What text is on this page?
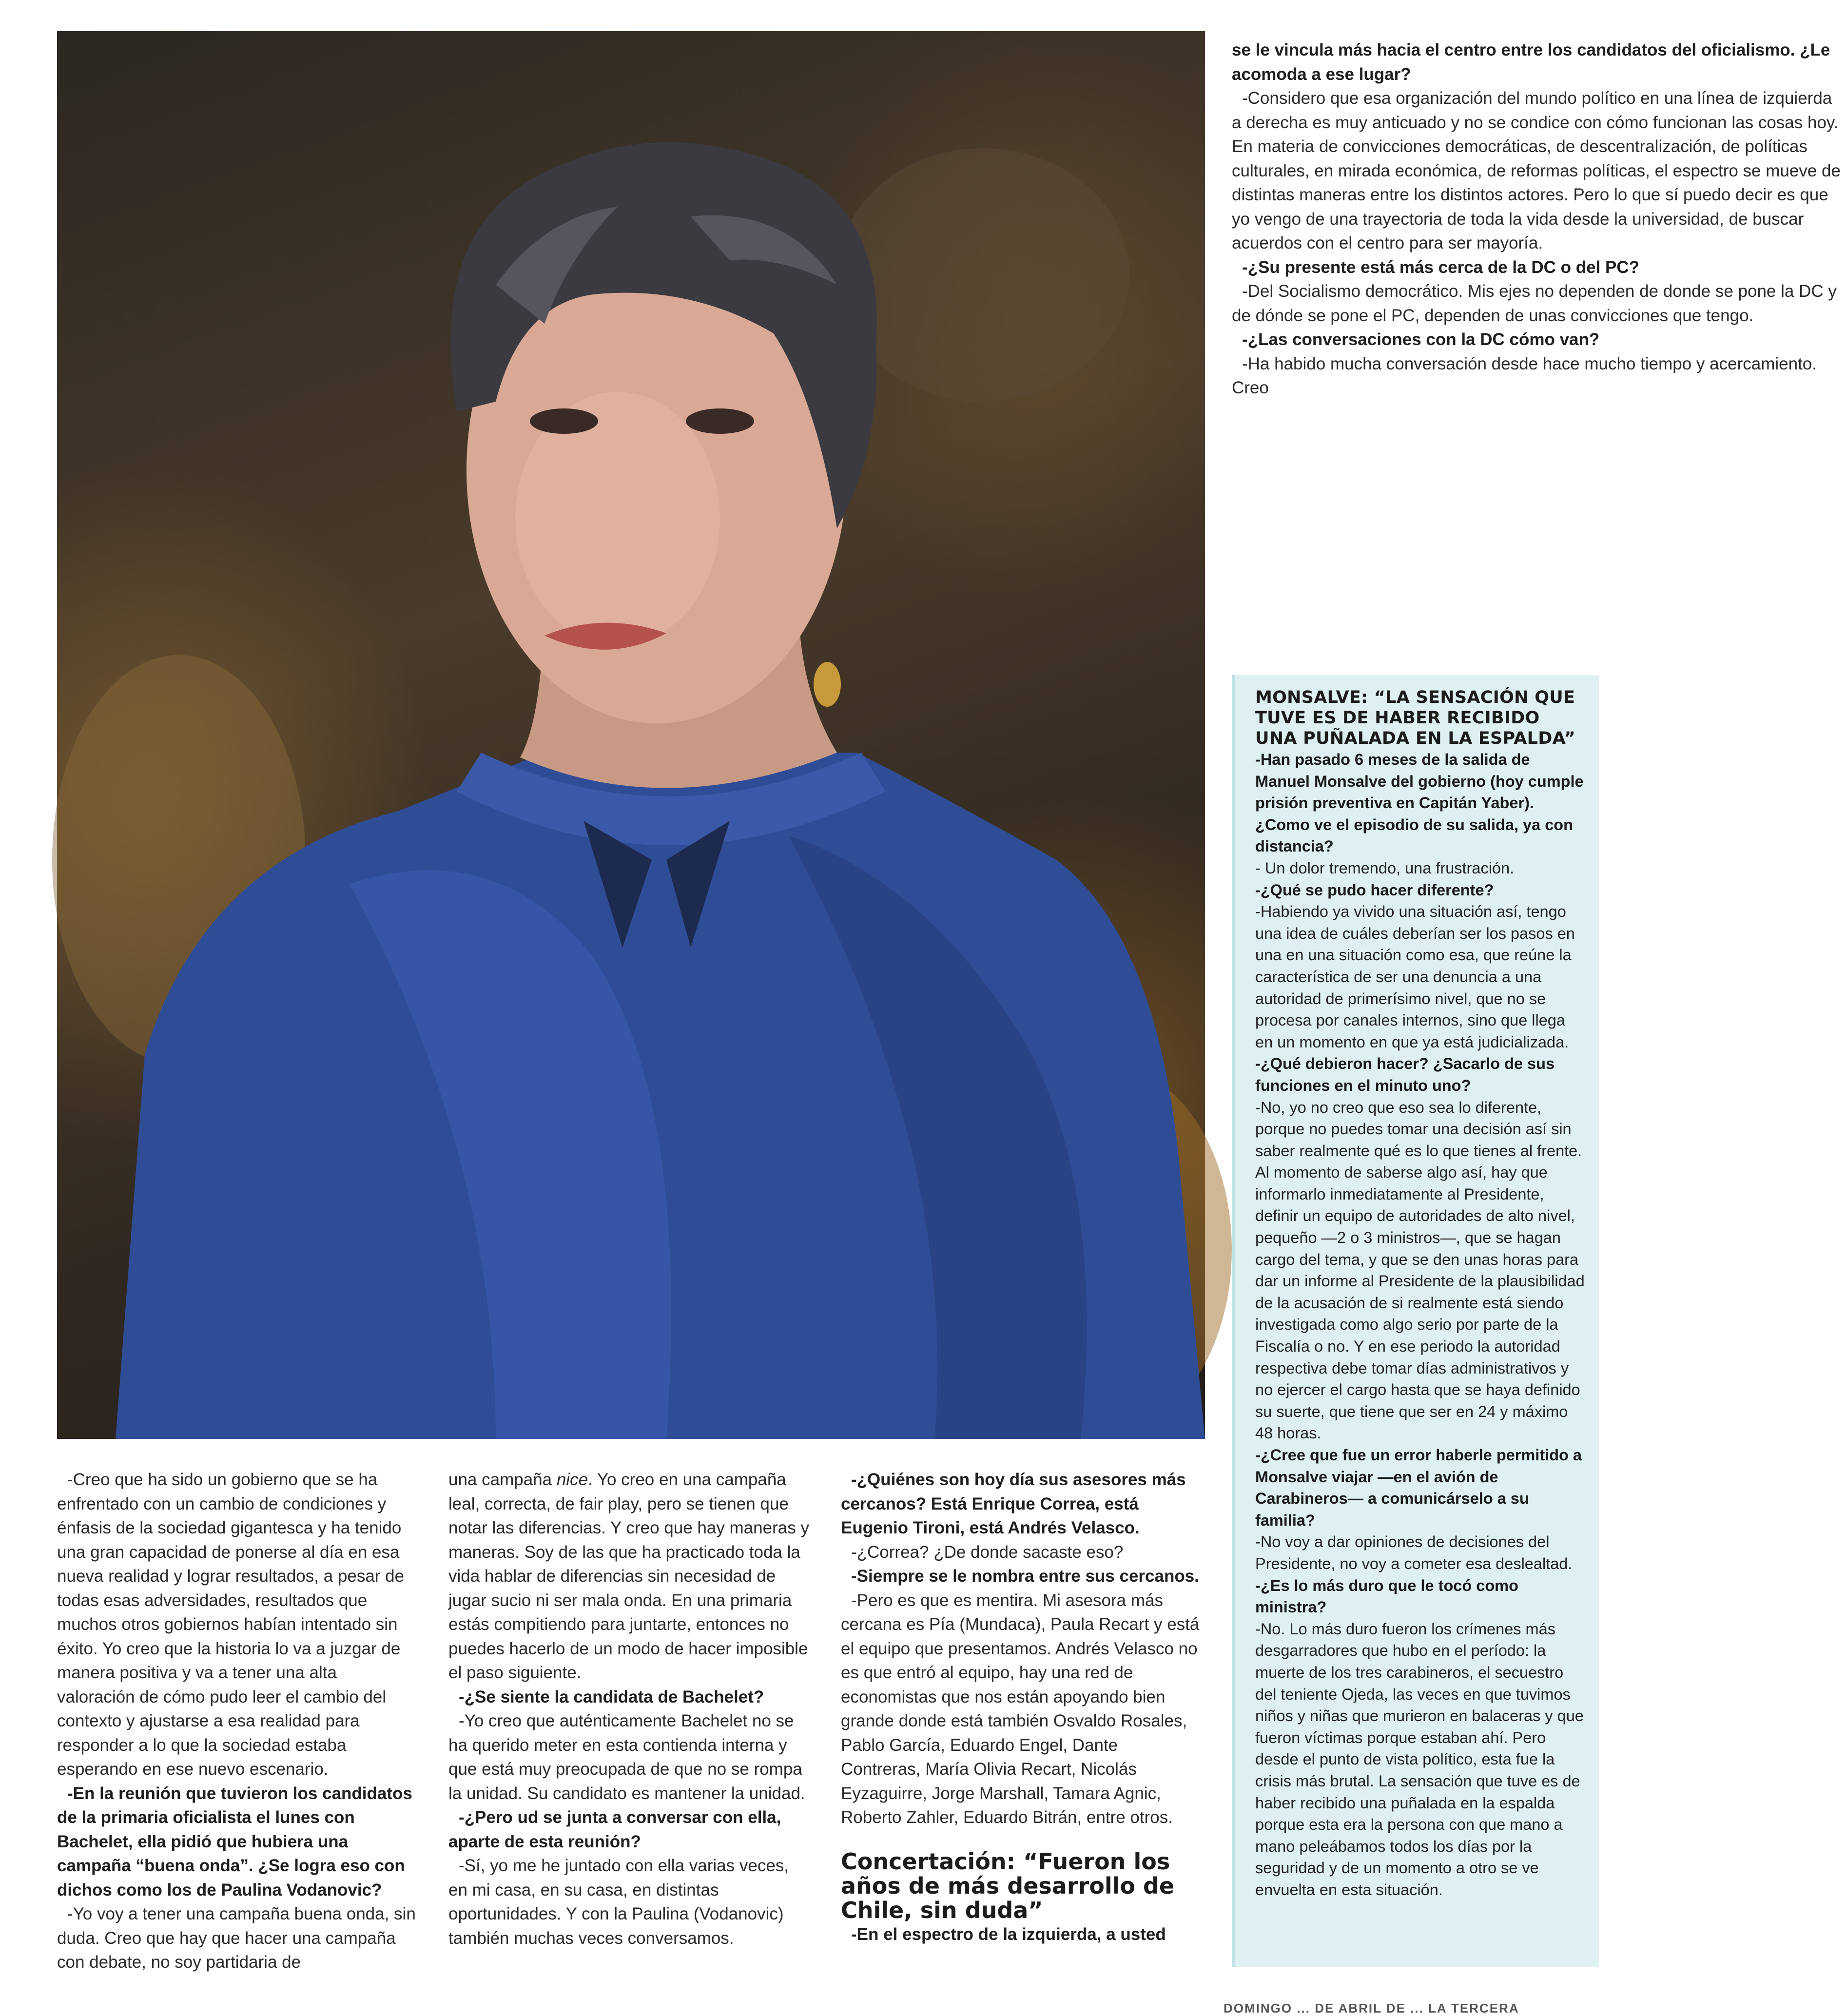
se le vincula más hacia el centro entre los candidatos del oficialismo. ¿Le acomoda a ese lugar?

-Considero que esa organización del mundo político en una línea de izquierda a derecha es muy anticuado y no se condice con cómo funcionan las cosas hoy. En materia de convicciones democráticas, de descentralización, de políticas culturales, en mirada económica, de reformas políticas, el espectro se mueve de distintas maneras entre los distintos actores. Pero lo que sí puedo decir es que yo vengo de una trayectoria de toda la vida desde la universidad, de buscar acuerdos con el centro para ser mayoría.

-¿Su presente está más cerca de la DC o del PC?

-Del Socialismo democrático. Mis ejes no dependen de donde se pone la DC y de dónde se pone el PC, dependen de unas convicciones que tengo.

-¿Las conversaciones con la DC cómo van?

-Ha habido mucha conversación desde hace mucho tiempo y acercamiento. Creo

MONSALVE: “LA SENSACIÓN QUE TUVE ES DE HABER RECIBIDO UNA PUÑALADA EN LA ESPALDA”

-Han pasado 6 meses de la salida de Manuel Monsalve del gobierno (hoy cumple prisión preventiva en Capitán Yaber). ¿Como ve el episodio de su salida, ya con distancia?

- Un dolor tremendo, una frustración.

-¿Qué se pudo hacer diferente?

-Habiendo ya vivido una situación así, tengo una idea de cuáles deberían ser los pasos en una en una situación como esa, que reúne la característica de ser una denuncia a una autoridad de primerísimo nivel, que no se procesa por canales internos, sino que llega en un momento en que ya está judicializada.

-¿Qué debieron hacer? ¿Sacarlo de sus funciones en el minuto uno?

-No, yo no creo que eso sea lo diferente, porque no puedes tomar una decisión así sin saber realmente qué es lo que tienes al frente. Al momento de saberse algo así, hay que informarlo inmediatamente al Presidente, definir un equipo de autoridades de alto nivel, pequeño —2 o 3 ministros—, que se hagan cargo del tema, y que se den unas horas para dar un informe al Presidente de la plausibilidad de la acusación de si realmente está siendo investigada como algo serio por parte de la Fiscalía o no. Y en ese periodo la autoridad respectiva debe tomar días administrativos y no ejercer el cargo hasta que se haya definido su suerte, que tiene que ser en 24 y máximo 48 horas.

-¿Cree que fue un error haberle permitido a Monsalve viajar —en el avión de Carabineros— a comunicárselo a su familia?

-No voy a dar opiniones de decisiones del Presidente, no voy a cometer esa deslealtad.

-¿Es lo más duro que le tocó como ministra?

-No. Lo más duro fueron los crímenes más desgarradores que hubo en el período: la muerte de los tres carabineros, el secuestro del teniente Ojeda, las veces en que tuvimos niños y niñas que murieron en balaceras y que fueron víctimas porque estaban ahí. Pero desde el punto de vista político, esta fue la crisis más brutal. La sensación que tuve es de haber recibido una puñalada en la espalda porque esta era la persona con que mano a mano peleábamos todos los días por la seguridad y de un momento a otro se ve envuelta en esta situación.

-Creo que ha sido un gobierno que se ha enfrentado con un cambio de condiciones y énfasis de la sociedad gigantesca y ha tenido una gran capacidad de ponerse al día en esa nueva realidad y lograr resultados, a pesar de todas esas adversidades, resultados que muchos otros gobiernos habían intentado sin éxito. Yo creo que la historia lo va a juzgar de manera positiva y va a tener una alta valoración de cómo pudo leer el cambio del contexto y ajustarse a esa realidad para responder a lo que la sociedad estaba esperando en ese nuevo escenario.

-En la reunión que tuvieron los candidatos de la primaria oficialista el lunes con Bachelet, ella pidió que hubiera una campaña “buena onda”. ¿Se logra eso con dichos como los de Paulina Vodanovic?

-Yo voy a tener una campaña buena onda, sin duda. Creo que hay que hacer una campaña con debate, no soy partidaria de

una campaña nice. Yo creo en una campaña leal, correcta, de fair play, pero se tienen que notar las diferencias. Y creo que hay maneras y maneras. Soy de las que ha practicado toda la vida hablar de diferencias sin necesidad de jugar sucio ni ser mala onda. En una primaria estás compitiendo para juntarte, entonces no puedes hacerlo de un modo de hacer imposible el paso siguiente.

-¿Se siente la candidata de Bachelet?

-Yo creo que auténticamente Bachelet no se ha querido meter en esta contienda interna y que está muy preocupada de que no se rompa la unidad. Su candidato es mantener la unidad.

-¿Pero ud se junta a conversar con ella, aparte de esta reunión?

-Sí, yo me he juntado con ella varias veces, en mi casa, en su casa, en distintas oportunidades. Y con la Paulina (Vodanovic) también muchas veces conversamos.

-¿Quiénes son hoy día sus asesores más cercanos? Está Enrique Correa, está Eugenio Tironi, está Andrés Velasco.

-¿Correa? ¿De donde sacaste eso?

-Siempre se le nombra entre sus cercanos.

-Pero es que es mentira. Mi asesora más cercana es Pía (Mundaca), Paula Recart y está el equipo que presentamos. Andrés Velasco no es que entró al equipo, hay una red de economistas que nos están apoyando bien grande donde está también Osvaldo Rosales, Pablo García, Eduardo Engel, Dante Contreras, María Olivia Recart, Nicolás Eyzaguirre, Jorge Marshall, Tamara Agnic, Roberto Zahler, Eduardo Bitrán, entre otros.

Concertación: “Fueron los años de más desarrollo de Chile, sin duda”

-En el espectro de la izquierda, a usted

DOMINGO ... DE ABRIL DE ... LA TERCERA
